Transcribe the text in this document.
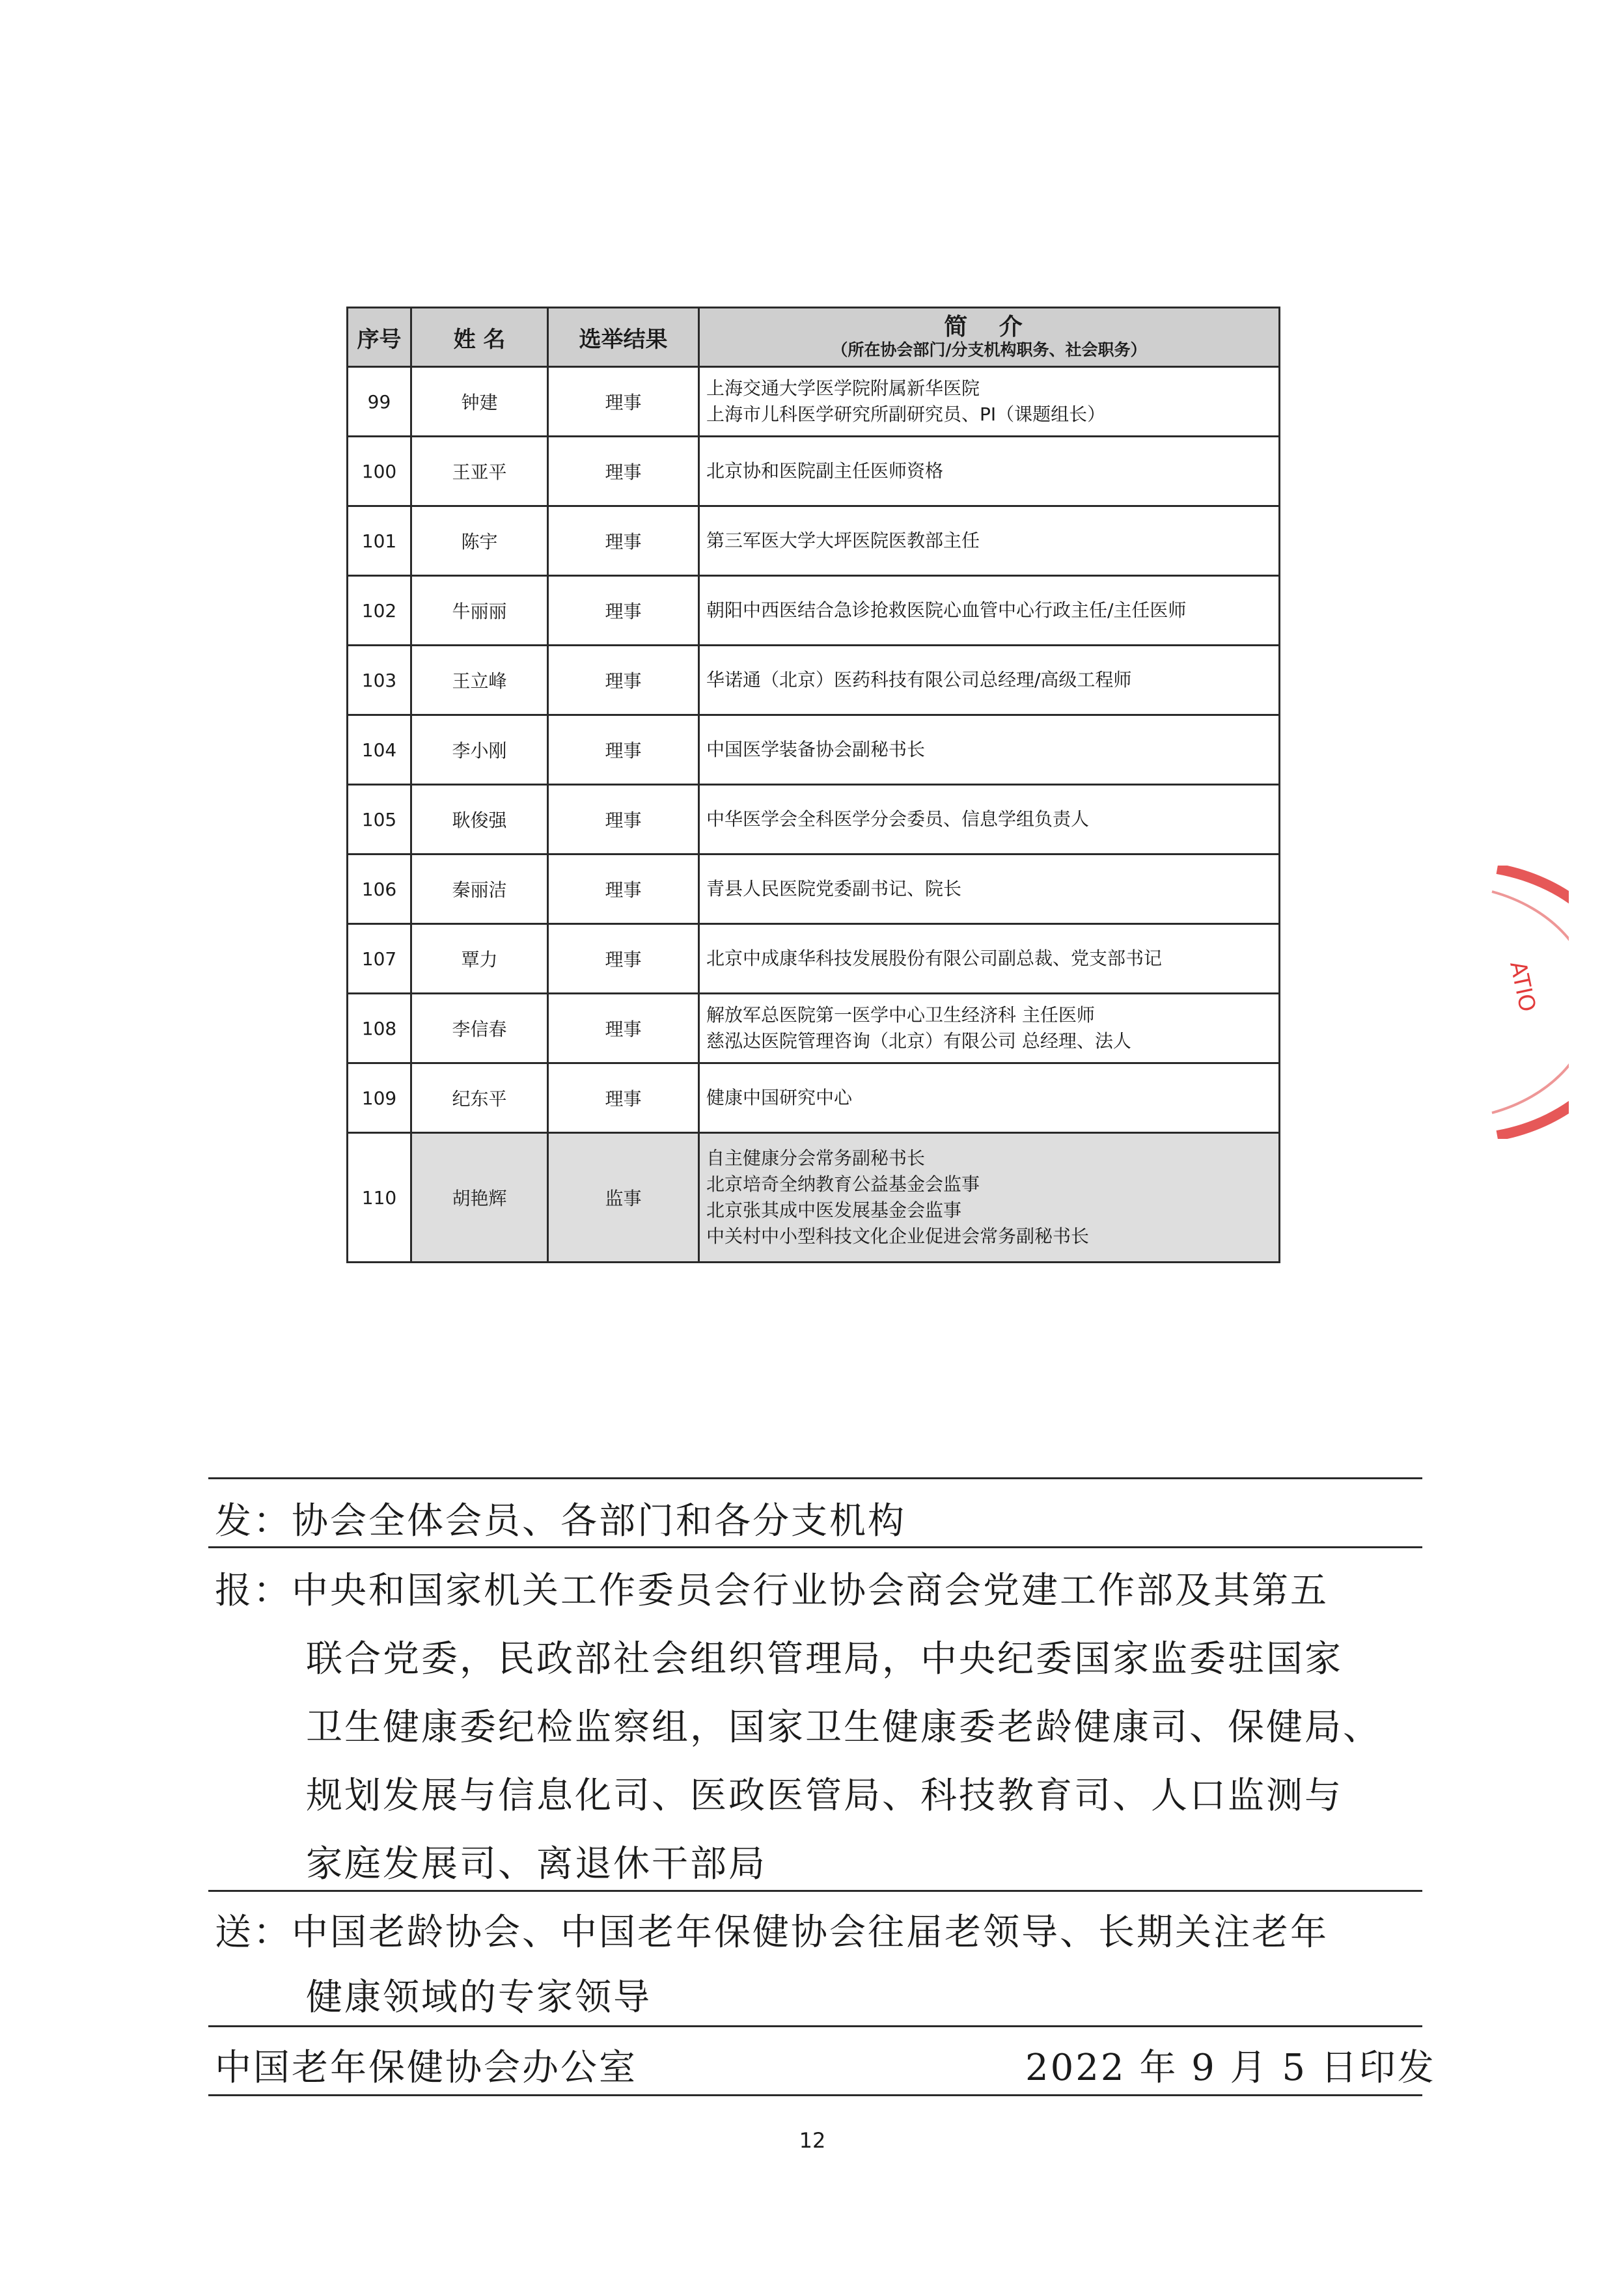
序号	姓 名	选举结果	简 介
（所在协会部门/分支机构职务、社会职务）

99	钟建	理事	上海交通大学医学院附属新华医院
上海市儿科医学研究所副研究员、PI（课题组长）

100	王亚平	理事	北京协和医院副主任医师资格

101	陈宇	理事	第三军医大学大坪医院医教部主任

102	牛丽丽	理事	朝阳中西医结合急诊抢救医院心血管中心行政主任/主任医师

103	王立峰	理事	华诺通（北京）医药科技有限公司总经理/高级工程师

104	李小刚	理事	中国医学装备协会副秘书长

105	耿俊强	理事	中华医学会全科医学分会委员、信息学组负责人

106	秦丽洁	理事	青县人民医院党委副书记、院长

107	覃力	理事	北京中成康华科技发展股份有限公司副总裁、党支部书记

108	李信春	理事	解放军总医院第一医学中心卫生经济科 主任医师
慈泓达医院管理咨询（北京）有限公司 总经理、法人

109	纪东平	理事	健康中国研究中心

110	胡艳辉	监事	自主健康分会常务副秘书长
北京培奇全纳教育公益基金会监事
北京张其成中医发展基金会监事
中关村中小型科技文化企业促进会常务副秘书长
发：协会全体会员、各部门和各分支机构
报：中央和国家机关工作委员会行业协会商会党建工作部及其第五
联合党委，民政部社会组织管理局，中央纪委国家监委驻国家
卫生健康委纪检监察组，国家卫生健康委老龄健康司、保健局、
规划发展与信息化司、医政医管局、科技教育司、人口监测与
家庭发展司、离退休干部局
送：中国老龄协会、中国老年保健协会往届老领导、长期关注老年
健康领域的专家领导
中国老年保健协会办公室	2022 年 9 月 5 日印发
12
ATIO
